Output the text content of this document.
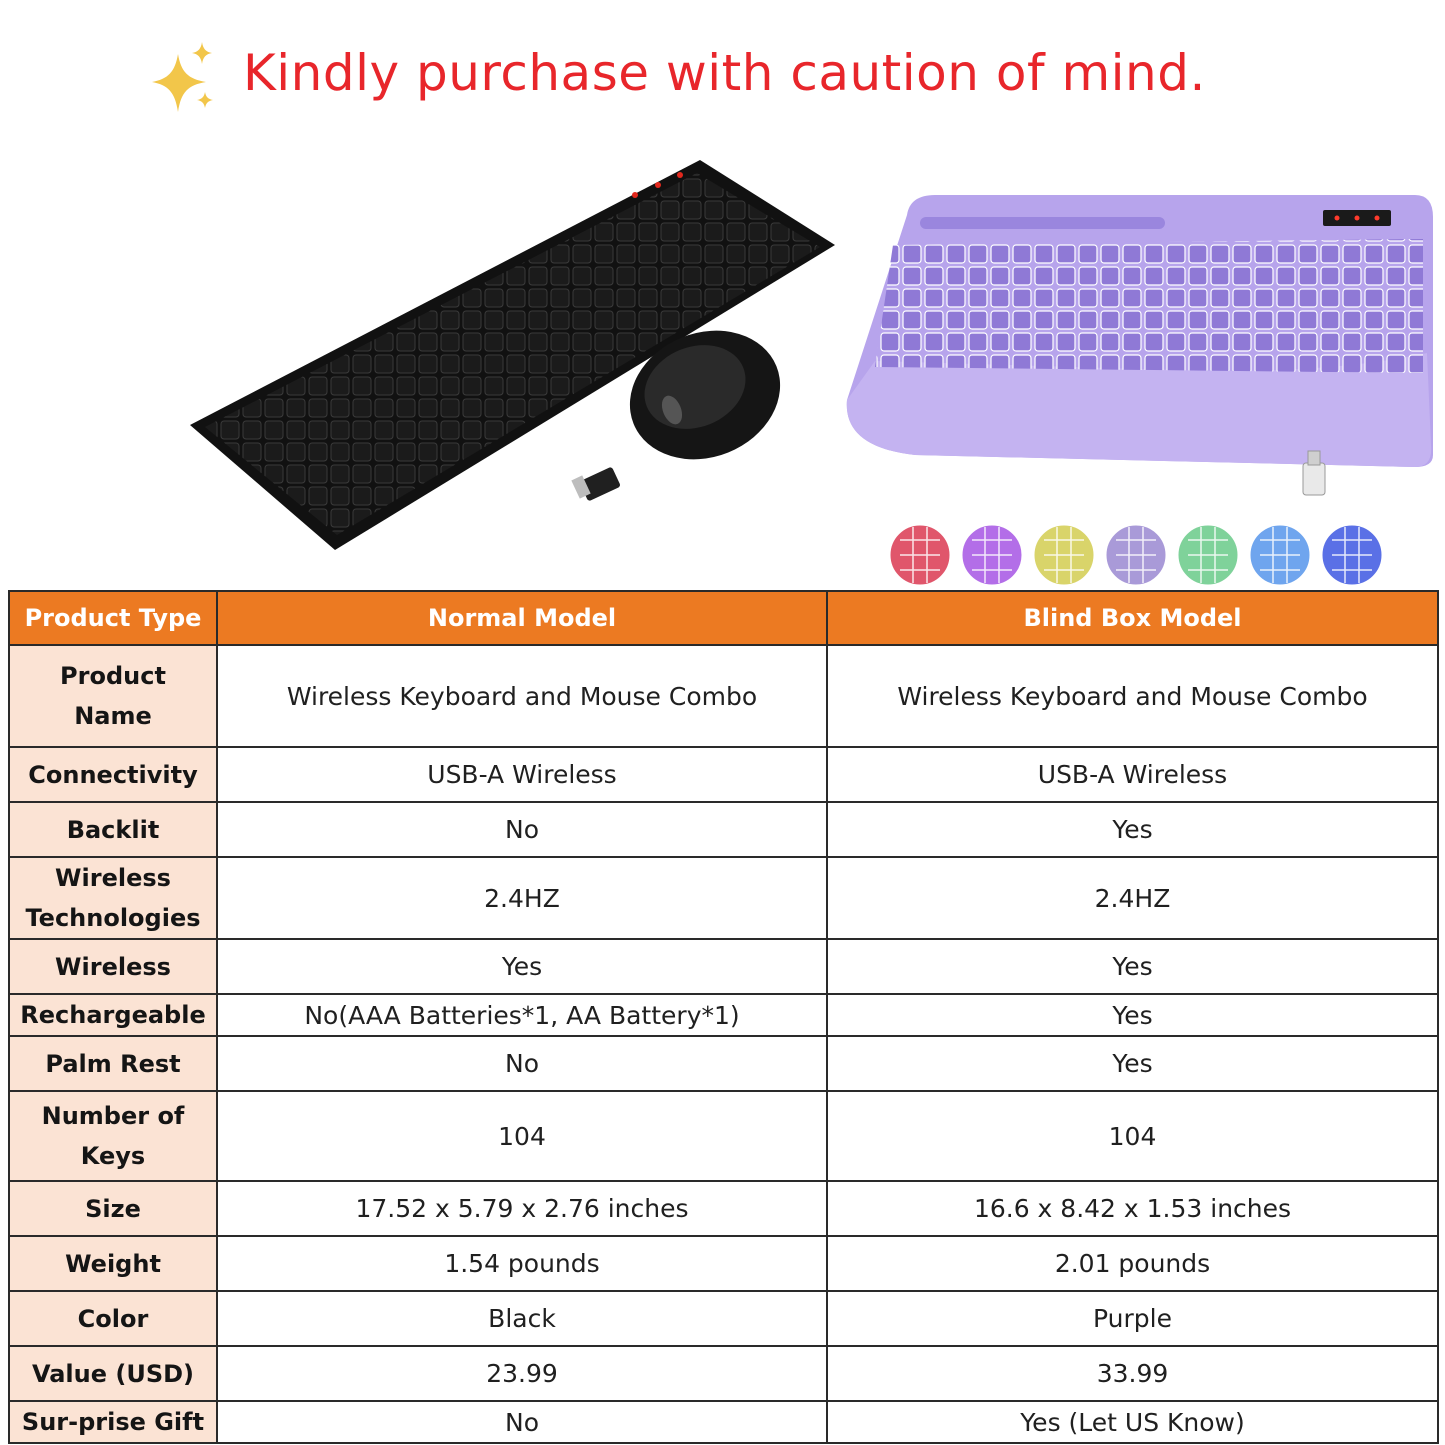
Kindly purchase with caution of mind.
Product Type	Normal Model	Blind Box Model
Product
Name	Wireless Keyboard and Mouse Combo	Wireless Keyboard and Mouse Combo
Connectivity	USB-A Wireless	USB-A Wireless
Backlit	No	Yes
Wireless
Technologies	2.4HZ	2.4HZ
Wireless	Yes	Yes
Rechargeable	No(AAA Batteries*1, AA Battery*1)	Yes
Palm Rest	No	Yes
Number of
Keys	104	104
Size	17.52 x 5.79 x 2.76 inches	16.6 x 8.42 x 1.53 inches
Weight	1.54 pounds	2.01 pounds
Color	Black	Purple
Value (USD)	23.99	33.99
Sur-prise Gift	No	Yes (Let US Know)
